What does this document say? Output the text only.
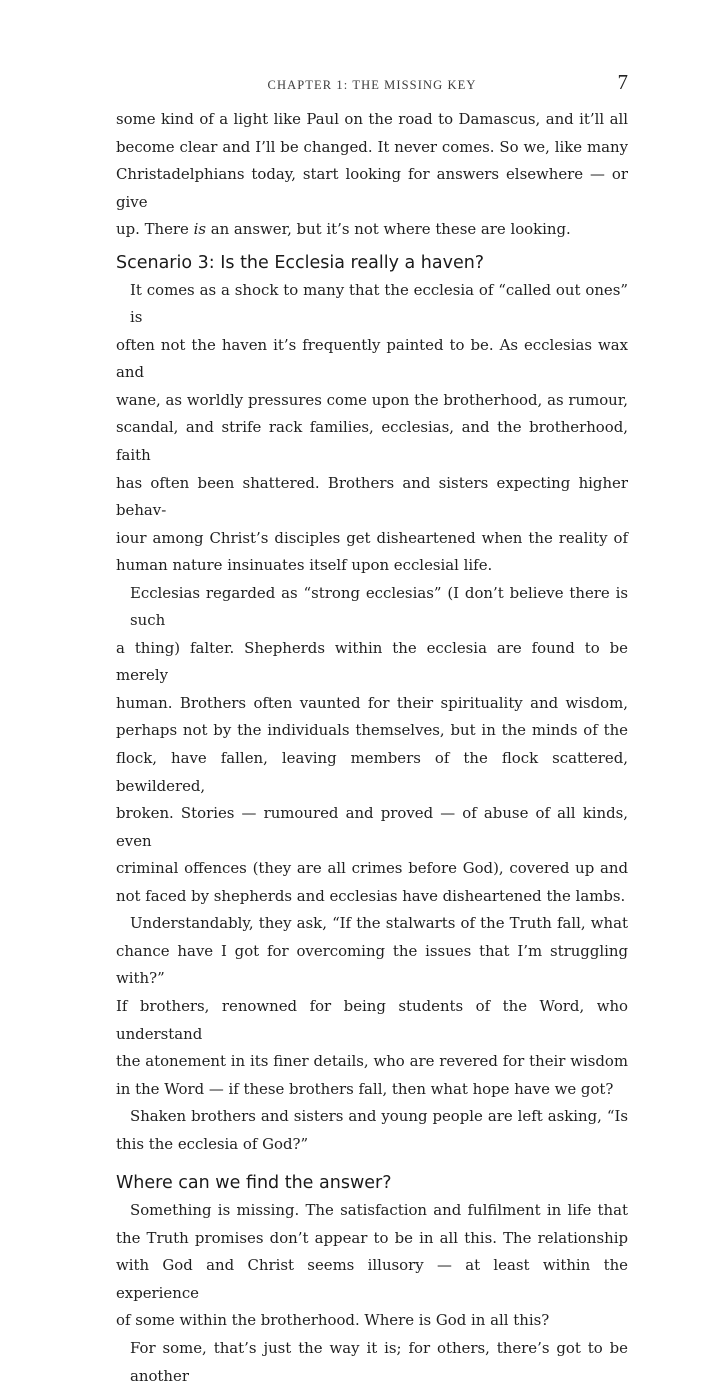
CHAPTER 1: THE MISSING KEY	7

some kind of a light like Paul on the road to Damascus, and it’ll all
become clear and I’ll be changed. It never comes. So we, like many
Christadelphians today, start looking for answers elsewhere — or give
up. There is an answer, but it’s not where these are looking.

Scenario 3: Is the Ecclesia really a haven?

It comes as a shock to many that the ecclesia of “called out ones” is
often not the haven it’s frequently painted to be. As ecclesias wax and
wane, as worldly pressures come upon the brotherhood, as rumour,
scandal, and strife rack families, ecclesias, and the brotherhood, faith
has often been shattered. Brothers and sisters expecting higher behav-
iour among Christ’s disciples get disheartened when the reality of
human nature insinuates itself upon ecclesial life.

Ecclesias regarded as “strong ecclesias” (I don’t believe there is such
a thing) falter. Shepherds within the ecclesia are found to be merely
human. Brothers often vaunted for their spirituality and wisdom,
perhaps not by the individuals themselves, but in the minds of the
flock, have fallen, leaving members of the flock scattered, bewildered,
broken. Stories — rumoured and proved — of abuse of all kinds, even
criminal offences (they are all crimes before God), covered up and
not faced by shepherds and ecclesias have disheartened the lambs.

Understandably, they ask, “If the stalwarts of the Truth fall, what
chance have I got for overcoming the issues that I’m struggling with?”
If brothers, renowned for being students of the Word, who understand
the atonement in its finer details, who are revered for their wisdom
in the Word — if these brothers fall, then what hope have we got?

Shaken brothers and sisters and young people are left asking, “Is
this the ecclesia of God?”

Where can we find the answer?

Something is missing. The satisfaction and fulfilment in life that
the Truth promises don’t appear to be in all this. The relationship
with God and Christ seems illusory — at least within the experience
of some within the brotherhood. Where is God in all this?

For some, that’s just the way it is; for others, there’s got to be another
